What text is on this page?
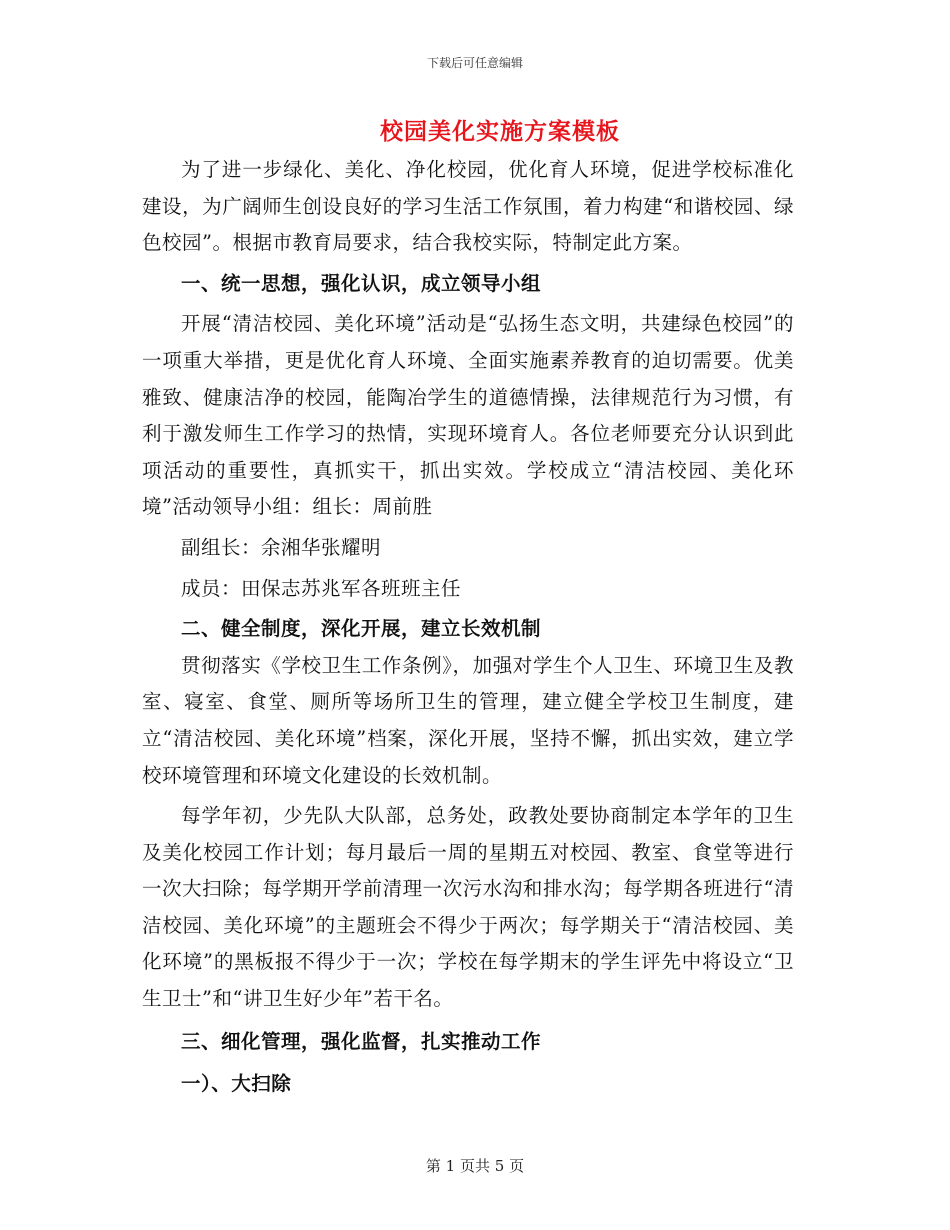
下载后可任意编辑
校园美化实施方案模板

为了进一步绿化、美化、净化校园，优化育人环境，促进学校标准化建设，为广阔师生创设良好的学习生活工作氛围，着力构建“和谐校园、绿色校园”。根据市教育局要求，结合我校实际，特制定此方案。

一、统一思想，强化认识，成立领导小组

开展“清洁校园、美化环境”活动是“弘扬生态文明，共建绿色校园”的一项重大举措，更是优化育人环境、全面实施素养教育的迫切需要。优美雅致、健康洁净的校园，能陶冶学生的道德情操，法律规范行为习惯，有利于激发师生工作学习的热情，实现环境育人。各位老师要充分认识到此项活动的重要性，真抓实干，抓出实效。学校成立“清洁校园、美化环境”活动领导小组：组长：周前胜

副组长：余湘华张耀明

成员：田保志苏兆军各班班主任

二、健全制度，深化开展，建立长效机制

贯彻落实《学校卫生工作条例》，加强对学生个人卫生、环境卫生及教室、寝室、食堂、厕所等场所卫生的管理，建立健全学校卫生制度，建立“清洁校园、美化环境”档案，深化开展，坚持不懈，抓出实效，建立学校环境管理和环境文化建设的长效机制。

每学年初，少先队大队部，总务处，政教处要协商制定本学年的卫生及美化校园工作计划；每月最后一周的星期五对校园、教室、食堂等进行一次大扫除；每学期开学前清理一次污水沟和排水沟；每学期各班进行“清洁校园、美化环境”的主题班会不得少于两次；每学期关于“清洁校园、美化环境”的黑板报不得少于一次；学校在每学期末的学生评先中将设立“卫生卫士”和“讲卫生好少年”若干名。

三、细化管理，强化监督，扎实推动工作

一）、大扫除

第 1 页共 5 页
